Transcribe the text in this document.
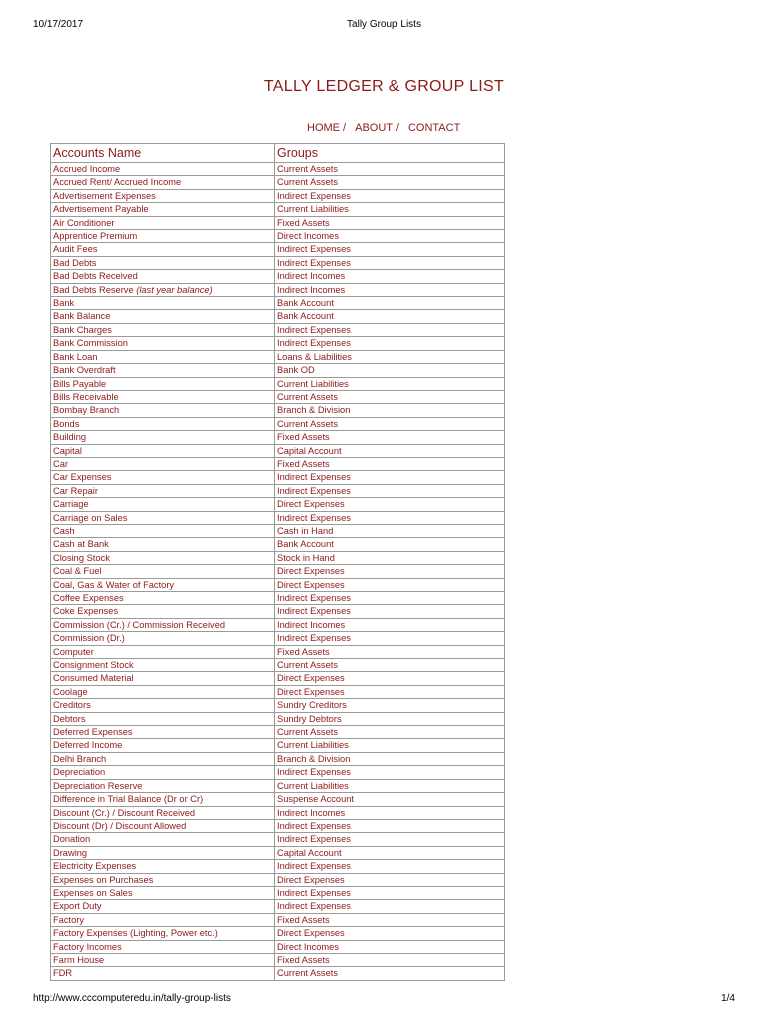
10/17/2017	Tally Group Lists
TALLY LEDGER & GROUP LIST
HOME / ABOUT / CONTACT
Accounts Name	Groups
Accrued Income	Current Assets
Accrued Rent/ Accrued Income	Current Assets
Advertisement Expenses	Indirect Expenses
Advertisement Payable	Current Liabilities
Air Conditioner	Fixed Assets
Apprentice Premium	Direct Incomes
Audit Fees	Indirect Expenses
Bad Debts	Indirect Expenses
Bad Debts Received	Indirect Incomes
Bad Debts Reserve (last year balance)	Indirect Incomes
Bank	Bank Account
Bank Balance	Bank Account
Bank Charges	Indirect Expenses
Bank Commission	Indirect Expenses
Bank Loan	Loans & Liabilities
Bank Overdraft	Bank OD
Bills Payable	Current Liabilities
Bills Receivable	Current Assets
Bombay Branch	Branch & Division
Bonds	Current Assets
Building	Fixed Assets
Capital	Capital Account
Car	Fixed Assets
Car Expenses	Indirect Expenses
Car Repair	Indirect Expenses
Carriage	Direct Expenses
Carriage on Sales	Indirect Expenses
Cash	Cash in Hand
Cash at Bank	Bank Account
Closing Stock	Stock in Hand
Coal & Fuel	Direct Expenses
Coal, Gas & Water of Factory	Direct Expenses
Coffee Expenses	Indirect Expenses
Coke Expenses	Indirect Expenses
Commission (Cr.) / Commission Received	Indirect Incomes
Commission (Dr.)	Indirect Expenses
Computer	Fixed Assets
Consignment Stock	Current Assets
Consumed Material	Direct Expenses
Coolage	Direct Expenses
Creditors	Sundry Creditors
Debtors	Sundry Debtors
Deferred Expenses	Current Assets
Deferred Income	Current Liabilities
Delhi Branch	Branch & Division
Depreciation	Indirect Expenses
Depreciation Reserve	Current Liabilities
Difference in Trial Balance (Dr or Cr)	Suspense Account
Discount (Cr.) / Discount Received	Indirect Incomes
Discount (Dr) / Discount Allowed	Indirect Expenses
Donation	Indirect Expenses
Drawing	Capital Account
Electricity Expenses	Indirect Expenses
Expenses on Purchases	Direct Expenses
Expenses on Sales	Indirect Expenses
Export Duty	Indirect Expenses
Factory	Fixed Assets
Factory Expenses (Lighting, Power etc.)	Direct Expenses
Factory Incomes	Direct Incomes
Farm House	Fixed Assets
FDR	Current Assets
http://www.cccomputeredu.in/tally-group-lists	1/4
